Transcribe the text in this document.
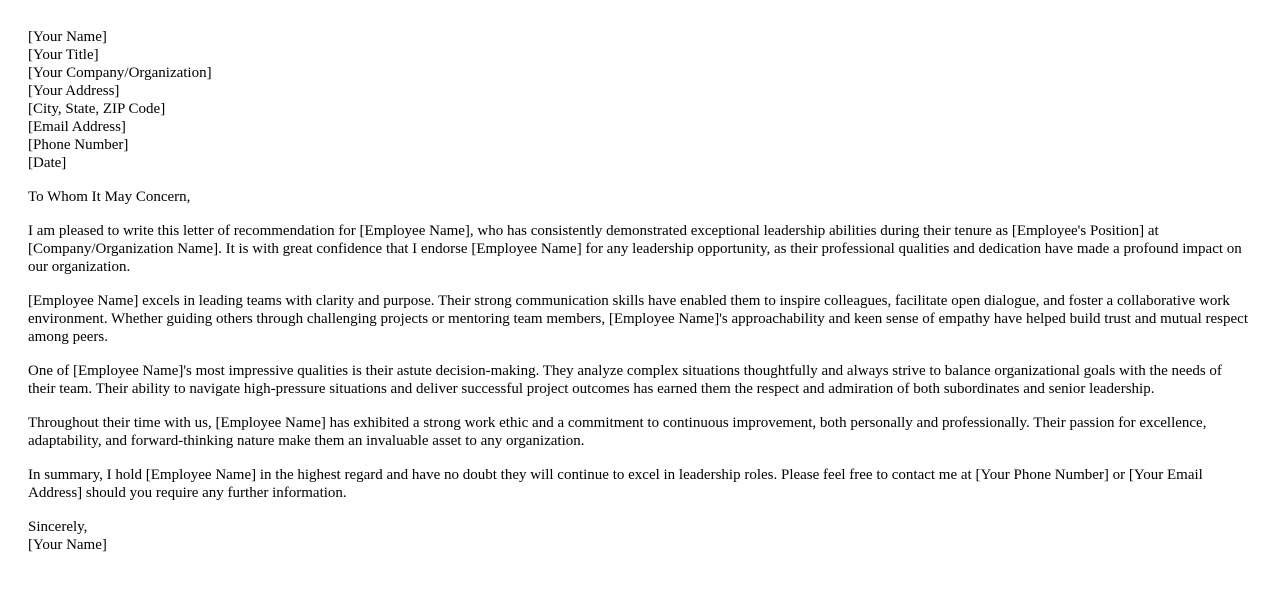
[Your Name]
[Your Title]
[Your Company/Organization]
[Your Address]
[City, State, ZIP Code]
[Email Address]
[Phone Number]
[Date]

To Whom It May Concern,

I am pleased to write this letter of recommendation for [Employee Name], who has consistently demonstrated exceptional leadership abilities during their tenure as [Employee's Position] at [Company/Organization Name]. It is with great confidence that I endorse [Employee Name] for any leadership opportunity, as their professional qualities and dedication have made a profound impact on our organization.

[Employee Name] excels in leading teams with clarity and purpose. Their strong communication skills have enabled them to inspire colleagues, facilitate open dialogue, and foster a collaborative work environment. Whether guiding others through challenging projects or mentoring team members, [Employee Name]'s approachability and keen sense of empathy have helped build trust and mutual respect among peers.

One of [Employee Name]'s most impressive qualities is their astute decision-making. They analyze complex situations thoughtfully and always strive to balance organizational goals with the needs of their team. Their ability to navigate high-pressure situations and deliver successful project outcomes has earned them the respect and admiration of both subordinates and senior leadership.

Throughout their time with us, [Employee Name] has exhibited a strong work ethic and a commitment to continuous improvement, both personally and professionally. Their passion for excellence, adaptability, and forward-thinking nature make them an invaluable asset to any organization.

In summary, I hold [Employee Name] in the highest regard and have no doubt they will continue to excel in leadership roles. Please feel free to contact me at [Your Phone Number] or [Your Email Address] should you require any further information.

Sincerely,
[Your Name]
